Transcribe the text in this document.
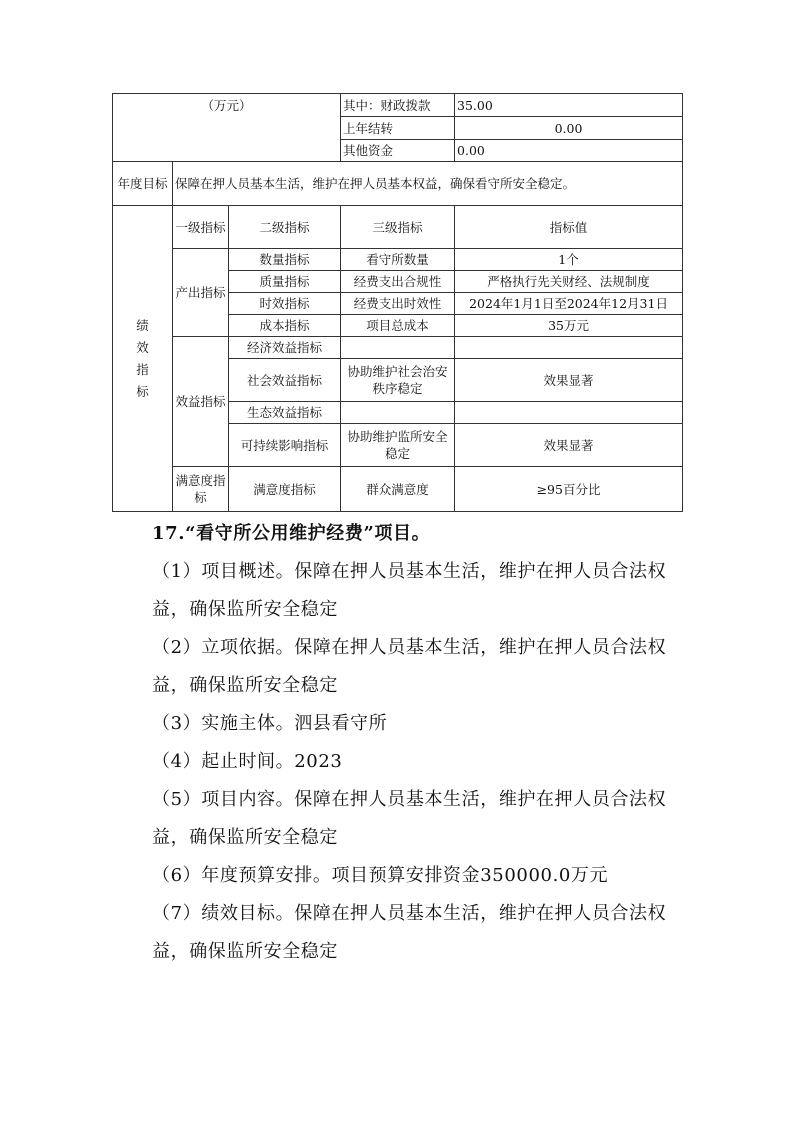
（万元）			其中：财政拨款	35.00
			上年结转	0.00
			其他资金	0.00
年度目标	保障在押人员基本生活，维护在押人员基本权益，确保看守所安全稳定。			
绩效指标	一级指标	二级指标	三级指标	指标值
	产出指标	数量指标	看守所数量	1个
		质量指标	经费支出合规性	严格执行先关财经、法规制度
		时效指标	经费支出时效性	2024年1月1日至2024年12月31日
		成本指标	项目总成本	35万元
	效益指标	经济效益指标		
		社会效益指标	协助维护社会治安秩序稳定	效果显著
		生态效益指标		
		可持续影响指标	协助维护监所安全稳定	效果显著
	满意度指标	满意度指标	群众满意度	≥95百分比

17.“看守所公用维护经费”项目。

（1）项目概述。保障在押人员基本生活，维护在押人员合法权益，确保监所安全稳定

（2）立项依据。保障在押人员基本生活，维护在押人员合法权益，确保监所安全稳定

（3）实施主体。泗县看守所

（4）起止时间。2023

（5）项目内容。保障在押人员基本生活，维护在押人员合法权益，确保监所安全稳定

（6）年度预算安排。项目预算安排资金350000.0万元

（7）绩效目标。保障在押人员基本生活，维护在押人员合法权益，确保监所安全稳定
